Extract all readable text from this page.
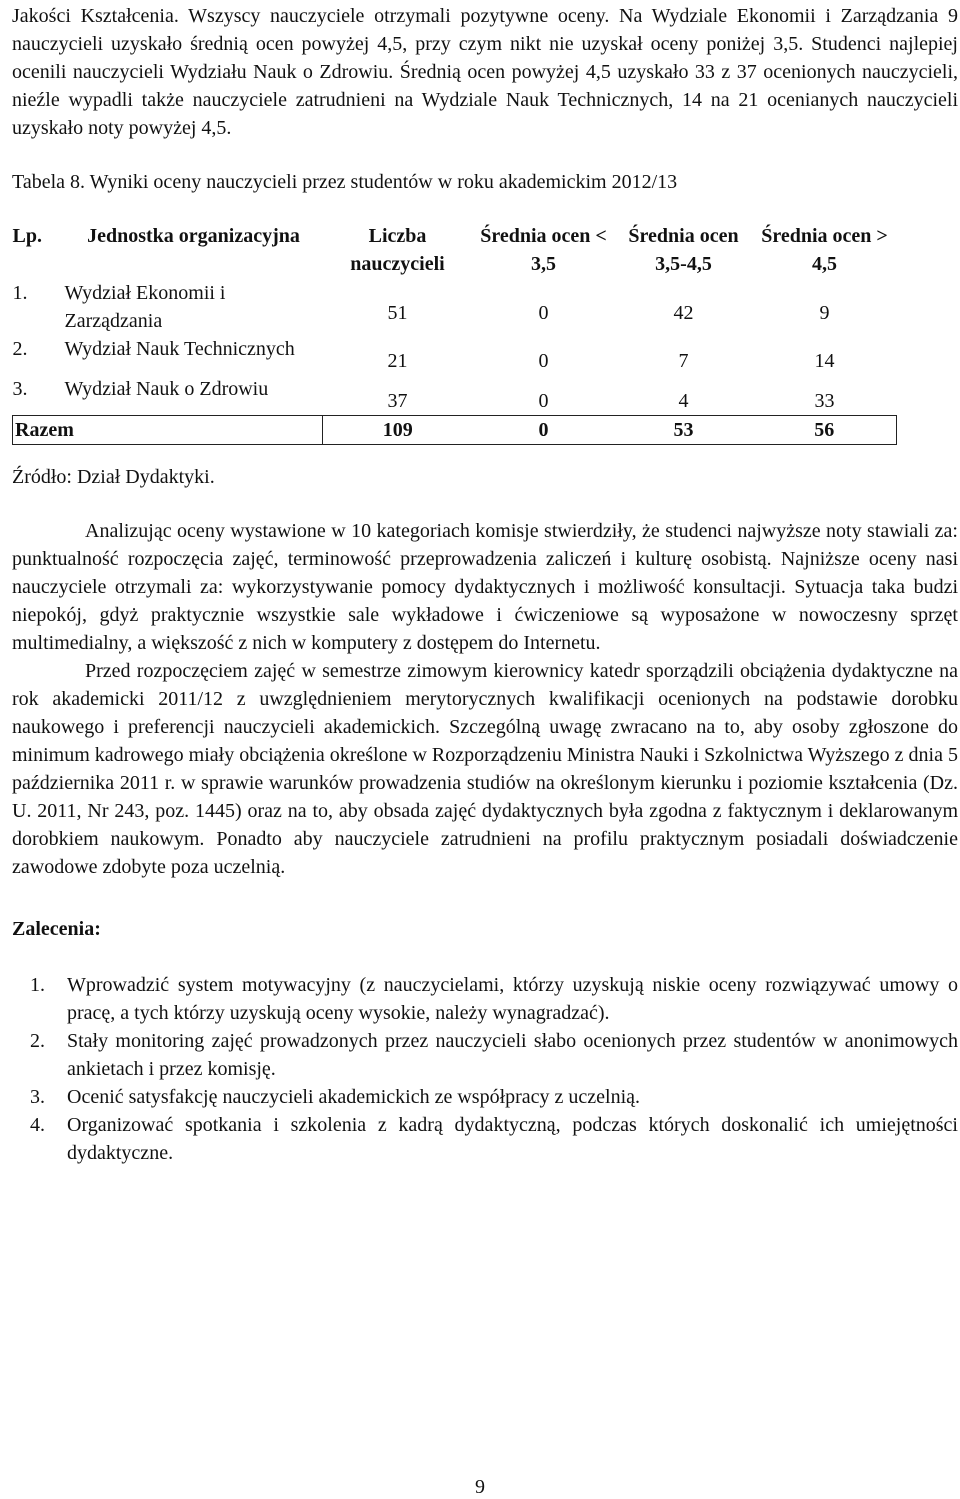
Jakości Kształcenia. Wszyscy nauczyciele otrzymali pozytywne oceny. Na Wydziale Ekonomii i Zarządzania 9 nauczycieli uzyskało średnią ocen powyżej 4,5, przy czym nikt nie uzyskał oceny poniżej 3,5. Studenci najlepiej ocenili nauczycieli Wydziału Nauk o Zdrowiu. Średnią ocen powyżej 4,5 uzyskało 33 z 37 ocenionych nauczycieli, nieźle wypadli także nauczyciele zatrudnieni na Wydziale Nauk Technicznych, 14 na 21 ocenianych nauczycieli uzyskało noty powyżej 4,5.

Tabela 8. Wyniki oceny nauczycieli przez studentów w roku akademickim 2012/13

Lp.	Jednostka organizacyjna	Liczba nauczycieli	Średnia ocen < 3,5	Średnia ocen 3,5-4,5	Średnia ocen > 4,5
1.	Wydział Ekonomii i Zarządzania	51	0	42	9
2.	Wydział Nauk Technicznych	21	0	7	14
3.	Wydział Nauk o Zdrowiu	37	0	4	33
Razem		109	0	53	56

Źródło: Dział Dydaktyki.

Analizując oceny wystawione w 10 kategoriach komisje stwierdziły, że studenci najwyższe noty stawiali za: punktualność rozpoczęcia zajęć, terminowość przeprowadzenia zaliczeń i kulturę osobistą. Najniższe oceny nasi nauczyciele otrzymali za: wykorzystywanie pomocy dydaktycznych i możliwość konsultacji. Sytuacja taka budzi niepokój, gdyż praktycznie wszystkie sale wykładowe i ćwiczeniowe są wyposażone w nowoczesny sprzęt multimedialny, a większość z nich w komputery z dostępem do Internetu.

Przed rozpoczęciem zajęć w semestrze zimowym kierownicy katedr sporządzili obciążenia dydaktyczne na rok akademicki 2011/12 z uwzględnieniem merytorycznych kwalifikacji ocenionych na podstawie dorobku naukowego i preferencji nauczycieli akademickich. Szczególną uwagę zwracano na to, aby osoby zgłoszone do minimum kadrowego miały obciążenia określone w Rozporządzeniu Ministra Nauki i Szkolnictwa Wyższego z dnia 5 października 2011 r. w sprawie warunków prowadzenia studiów na określonym kierunku i poziomie kształcenia (Dz. U. 2011, Nr 243, poz. 1445) oraz na to, aby obsada zajęć dydaktycznych była zgodna z faktycznym i deklarowanym dorobkiem naukowym. Ponadto aby nauczyciele zatrudnieni na profilu praktycznym posiadali doświadczenie zawodowe zdobyte poza uczelnią.

Zalecenia:
1. Wprowadzić system motywacyjny (z nauczycielami, którzy uzyskują niskie oceny rozwiązywać umowy o pracę, a tych którzy uzyskują oceny wysokie, należy wynagradzać).
2. Stały monitoring zajęć prowadzonych przez nauczycieli słabo ocenionych przez studentów w anonimowych ankietach i przez komisję.
3. Ocenić satysfakcję nauczycieli akademickich ze współpracy z uczelnią.
4. Organizować spotkania i szkolenia z kadrą dydaktyczną, podczas których doskonalić ich umiejętności dydaktyczne.
9
